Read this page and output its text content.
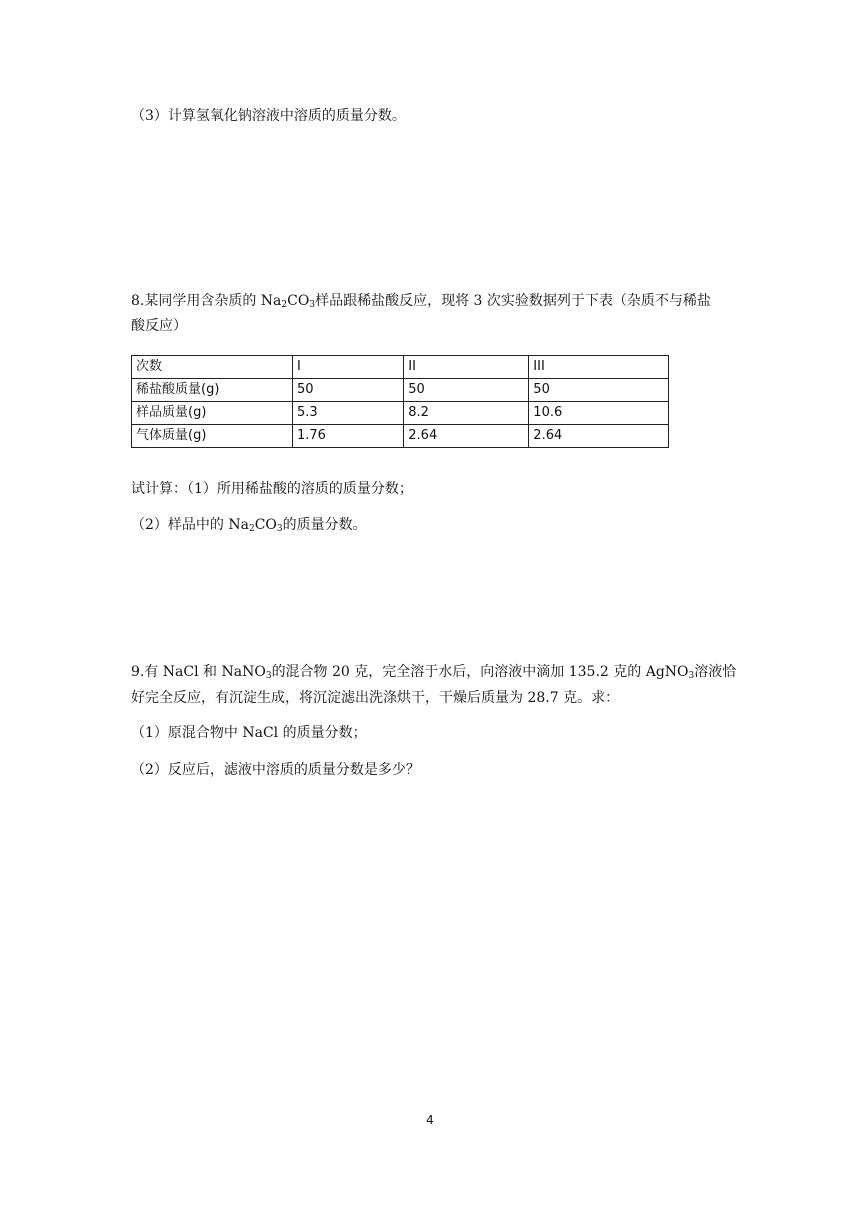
（3）计算氢氧化钠溶液中溶质的质量分数。
8.某同学用含杂质的 $Na_2CO_3$样品跟稀盐酸反应，现将 3 次实验数据列于下表（杂质不与稀盐
酸反应）
次数	I	II	III
稀盐酸质量(g)	50	50	50
样品质量(g)	5.3	8.2	10.6
气体质量(g)	1.76	2.64	2.64
试计算：（1）所用稀盐酸的溶质的质量分数；
（2）样品中的 $Na_2CO_3$的质量分数。
9.有 NaCl 和 NaNO$_3$的混合物 20 克，完全溶于水后，向溶液中滴加 135.2 克的 AgNO$_3$溶液恰
好完全反应，有沉淀生成，将沉淀滤出洗涤烘干，干燥后质量为 28.7 克。求：
（1）原混合物中 NaCl 的质量分数；
（2）反应后，滤液中溶质的质量分数是多少？
4
